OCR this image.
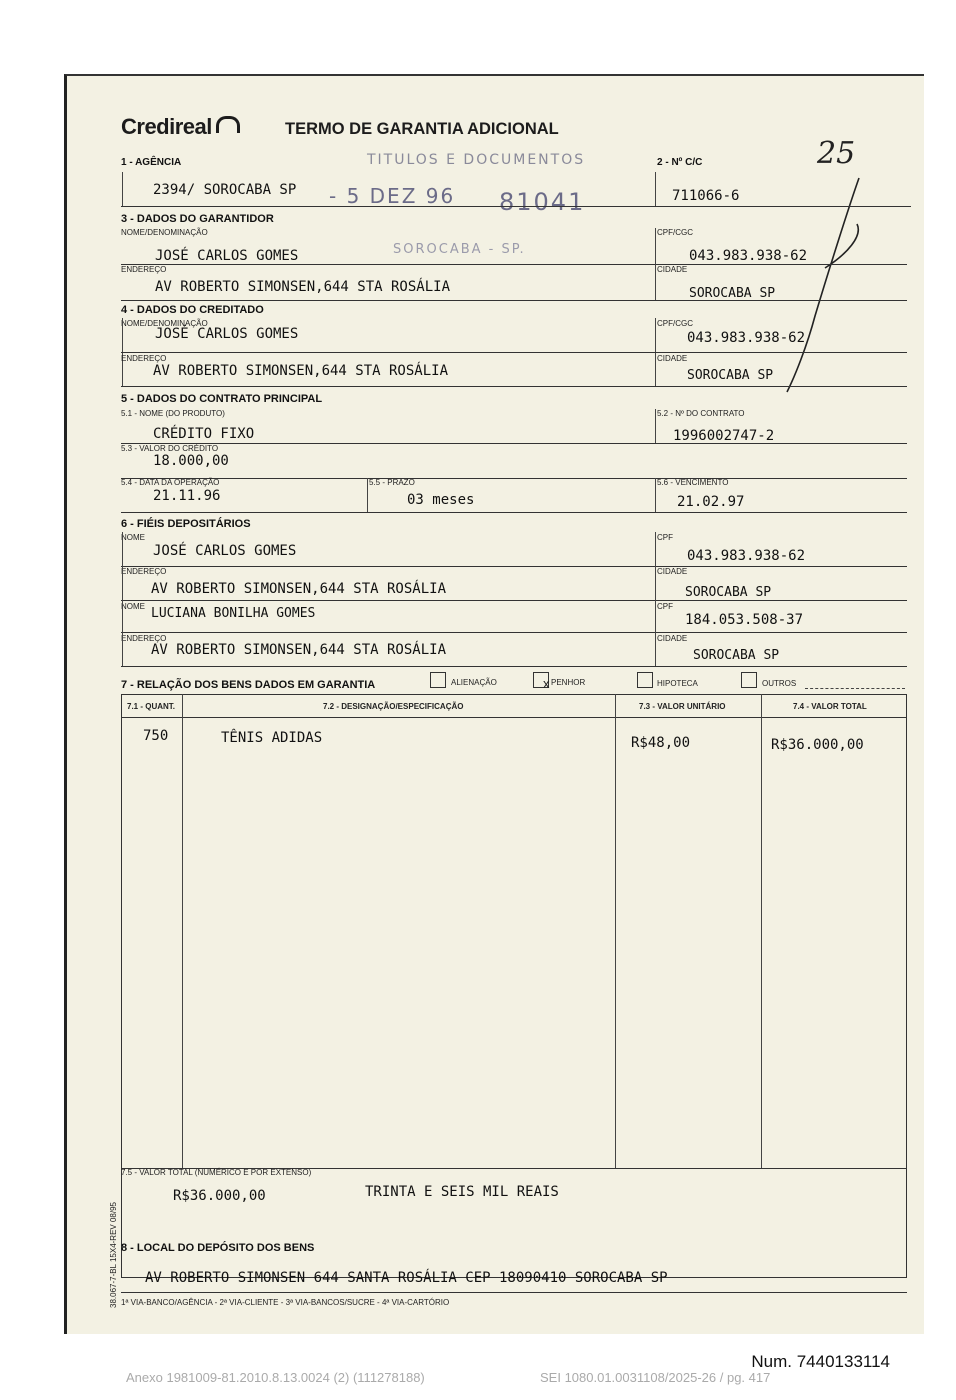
Credireal	TERMO DE GARANTIA ADICIONAL
25
TITULOS E DOCUMENTOS
- 5 DEZ 96 81041
SOROCABA - SP.
1 - AGÊNCIA
2394/ SOROCABA SP
2 - Nº C/C
711066-6
3 - DADOS DO GARANTIDOR
NOME/DENOMINAÇÃO
JOSÉ CARLOS GOMES
CPF/CGC
043.983.938-62
ENDEREÇO
AV ROBERTO SIMONSEN,644 STA ROSÁLIA
CIDADE
SOROCABA SP
4 - DADOS DO CREDITADO
NOME/DENOMINAÇÃO
JOSÉ CARLOS GOMES
CPF/CGC
043.983.938-62
ENDEREÇO
AV ROBERTO SIMONSEN,644 STA ROSÁLIA
CIDADE
SOROCABA SP
5 - DADOS DO CONTRATO PRINCIPAL
5.1 - NOME (DO PRODUTO)
CRÉDITO FIXO
5.2 - Nº DO CONTRATO
1996002747-2
5.3 - VALOR DO CRÉDITO
18.000,00
5.4 - DATA DA OPERAÇÃO
21.11.96
5.5 - PRAZO
03 meses
5.6 - VENCIMENTO
21.02.97
6 - FIÉIS DEPOSITÁRIOS
NOME
JOSÉ CARLOS GOMES
CPF
043.983.938-62
ENDEREÇO
AV ROBERTO SIMONSEN,644 STA ROSÁLIA
CIDADE
SOROCABA SP
NOME LUCIANA BONILHA GOMES	CPF
184.053.508-37
ENDEREÇO
AV ROBERTO SIMONSEN,644 STA ROSÁLIA
CIDADE
SOROCABA SP
7 - RELAÇÃO DOS BENS DADOS EM GARANTIA	ALIENAÇÃO	x PENHOR	HIPOTECA	OUTROS
7.1 - QUANT.	7.2 - DESIGNAÇÃO/ESPECIFICAÇÃO	7.3 - VALOR UNITÁRIO	7.4 - VALOR TOTAL
750	TÊNIS ADIDAS	R$48,00	R$36.000,00
7.5 - VALOR TOTAL (NUMÉRICO E POR EXTENSO)
R$36.000,00	TRINTA E SEIS MIL REAIS
8 - LOCAL DO DEPÓSITO DOS BENS
AV ROBERTO SIMONSEN 644 SANTA ROSÁLIA CEP 18090410 SOROCABA SP
1ª VIA-BANCO/AGÊNCIA - 2ª VIA-CLIENTE - 3ª VIA-BANCOS/SUCRE - 4ª VIA-CARTÓRIO
38.067-7-BL 15X4-REV 08/95
Num. 7440133114
Anexo 1981009-81.2010.8.13.0024 (2) (111278188)	SEI 1080.01.0031108/2025-26 / pg. 417
